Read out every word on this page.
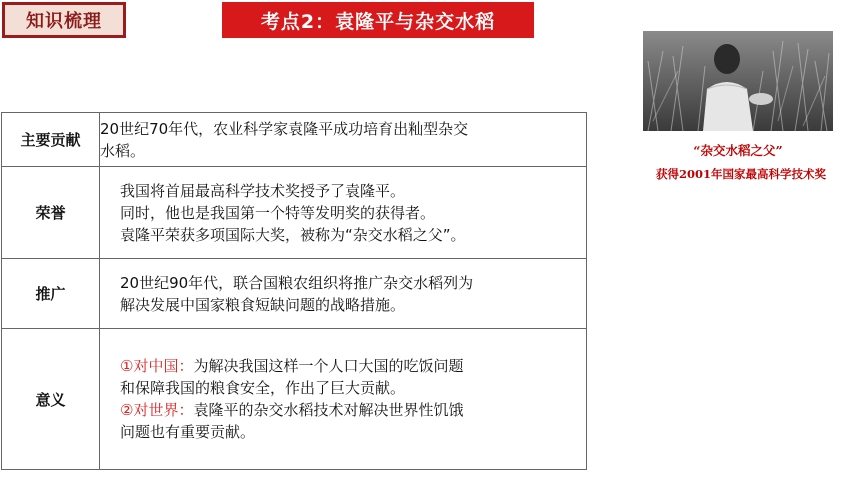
知识梳理	考点2：袁隆平与杂交水稻
“杂交水稻之父”
获得2001年国家最高科学技术奖
主要贡献	20世纪70年代，农业科学家袁隆平成功培育出籼型杂交
水稻。

荣誉	我国将首届最高科学技术奖授予了袁隆平。
同时，他也是我国第一个特等发明奖的获得者。
袁隆平荣获多项国际大奖，被称为“杂交水稻之父”。

推广	20世纪90年代，联合国粮农组织将推广杂交水稻列为
解决发展中国家粮食短缺问题的战略措施。

意义	①对中国：为解决我国这样一个人口大国的吃饭问题
和保障我国的粮食安全，作出了巨大贡献。
②对世界：袁隆平的杂交水稻技术对解决世界性饥饿
问题也有重要贡献。
